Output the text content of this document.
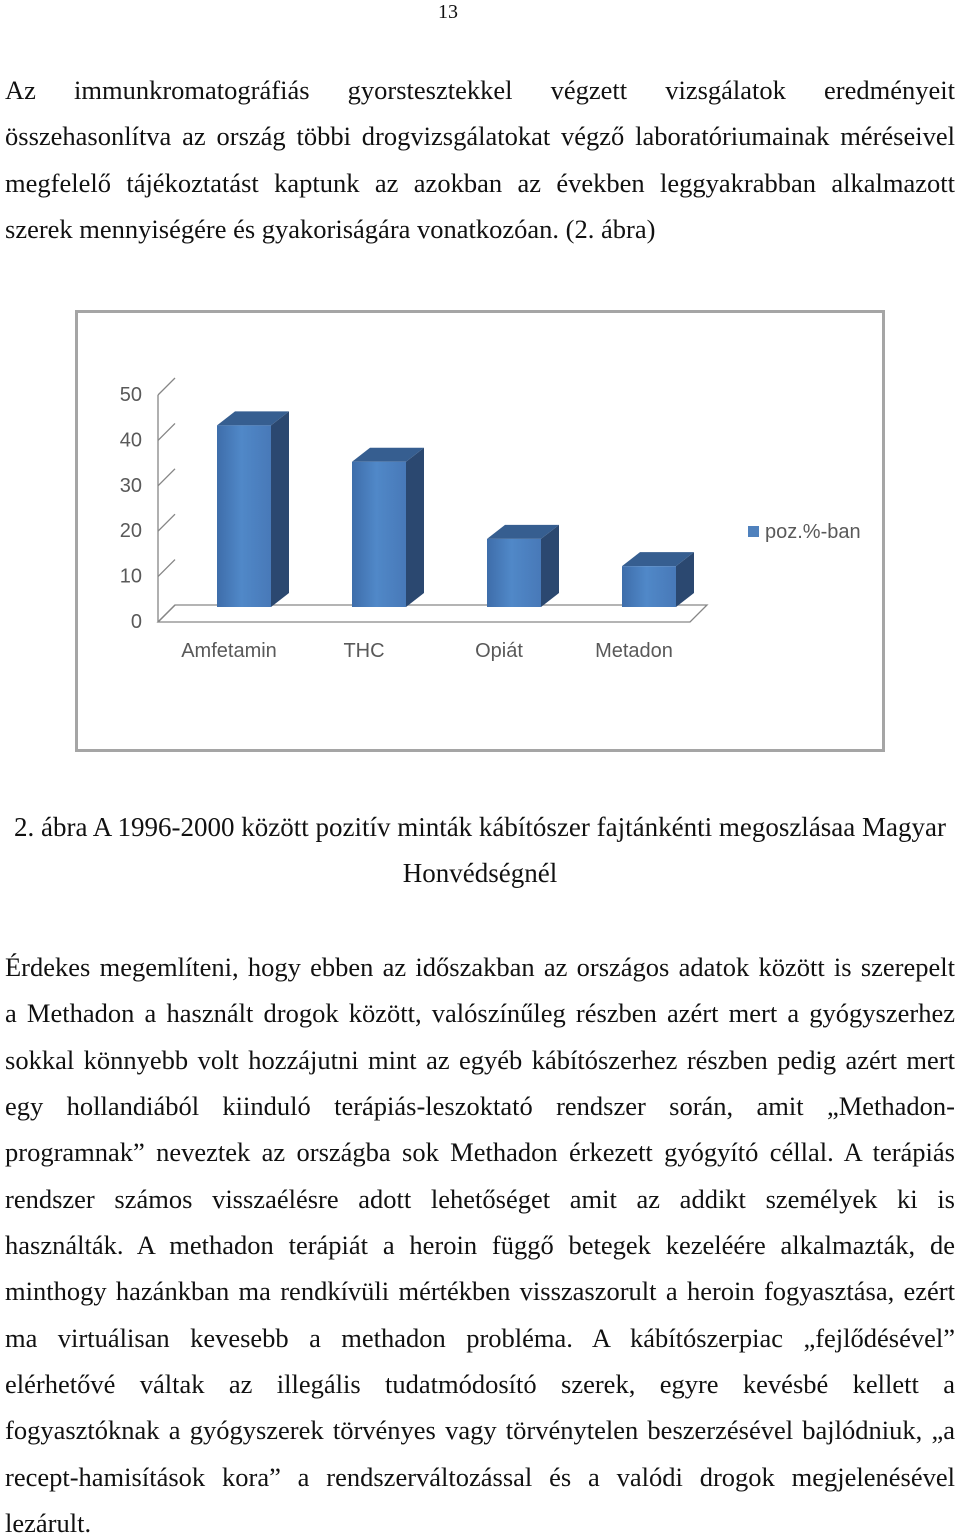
13
Az immunkromatográfiás gyorstesztekkel végzett vizsgálatok eredményeit
összehasonlítva az ország többi drogvizsgálatokat végző laboratóriumainak méréseivel
megfelelő tájékoztatást kaptunk az azokban az években leggyakrabban alkalmazott
szerek mennyiségére és gyakoriságára vonatkozóan. (2. ábra)
0
10
20
30
40
50
Amfetamin	THC	Opiát	Metadon
poz.%-ban
2. ábra A 1996-2000 között pozitív minták kábítószer fajtánkénti megoszlásaa Magyar
Honvédségnél
Érdekes megemlíteni, hogy ebben az időszakban az országos adatok között is szerepelt
a Methadon a használt drogok között, valószínűleg részben azért mert a gyógyszerhez
sokkal könnyebb volt hozzájutni mint az egyéb kábítószerhez részben pedig azért mert
egy hollandiából kiinduló terápiás-leszoktató rendszer során, amit „Methadon-
programnak” neveztek az országba sok Methadon érkezett gyógyító céllal. A terápiás
rendszer számos visszaélésre adott lehetőséget amit az addikt személyek ki is
használták. A methadon terápiát a heroin függő betegek kezeléére alkalmazták, de
minthogy hazánkban ma rendkívüli mértékben visszaszorult a heroin fogyasztása, ezért
ma virtuálisan kevesebb a methadon probléma. A kábítószerpiac „fejlődésével”
elérhetővé váltak az illegális tudatmódosító szerek, egyre kevésbé kellett a
fogyasztóknak a gyógyszerek törvényes vagy törvénytelen beszerzésével bajlódniuk, „a
recept-hamisítások kora” a rendszerváltozással és a valódi drogok megjelenésével
lezárult.
